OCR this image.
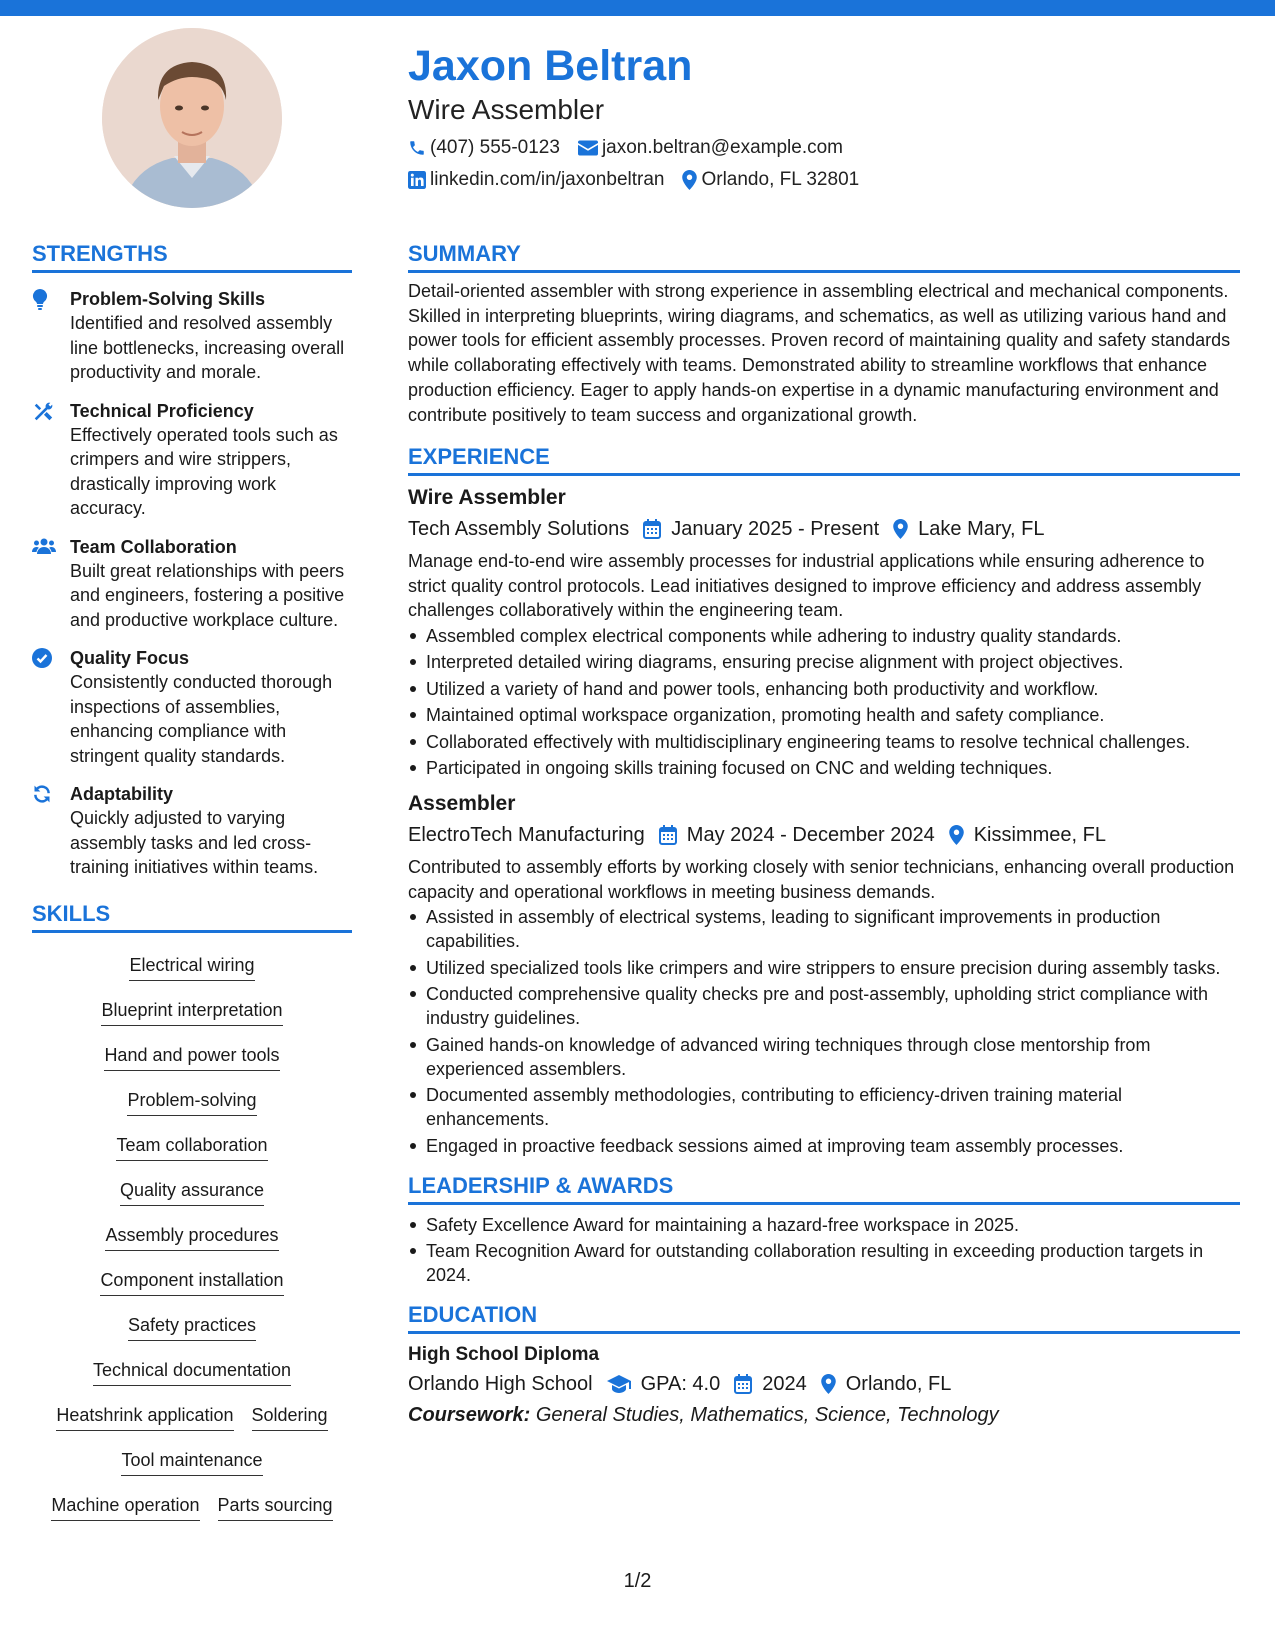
Jaxon Beltran
Wire Assembler
(407) 555-0123 jaxon.beltran@example.com
linkedin.com/in/jaxonbeltran Orlando, FL 32801
STRENGTHS
Problem-Solving Skills
Identified and resolved assembly line bottlenecks, increasing overall productivity and morale.
Technical Proficiency
Effectively operated tools such as crimpers and wire strippers, drastically improving work accuracy.
Team Collaboration
Built great relationships with peers and engineers, fostering a positive and productive workplace culture.
Quality Focus
Consistently conducted thorough inspections of assemblies, enhancing compliance with stringent quality standards.
Adaptability
Quickly adjusted to varying assembly tasks and led cross-training initiatives within teams.
SKILLS
Electrical wiring
Blueprint interpretation
Hand and power tools
Problem-solving
Team collaboration
Quality assurance
Assembly procedures
Component installation
Safety practices
Technical documentation
Heatshrink application Soldering
Tool maintenance
Machine operation Parts sourcing
SUMMARY
Detail-oriented assembler with strong experience in assembling electrical and mechanical components. Skilled in interpreting blueprints, wiring diagrams, and schematics, as well as utilizing various hand and power tools for efficient assembly processes. Proven record of maintaining quality and safety standards while collaborating effectively with teams. Demonstrated ability to streamline workflows that enhance production efficiency. Eager to apply hands-on expertise in a dynamic manufacturing environment and contribute positively to team success and organizational growth.
EXPERIENCE
Wire Assembler
Tech Assembly Solutions January 2025 - Present Lake Mary, FL
Manage end-to-end wire assembly processes for industrial applications while ensuring adherence to strict quality control protocols. Lead initiatives designed to improve efficiency and address assembly challenges collaboratively within the engineering team.
Assembled complex electrical components while adhering to industry quality standards.
Interpreted detailed wiring diagrams, ensuring precise alignment with project objectives.
Utilized a variety of hand and power tools, enhancing both productivity and workflow.
Maintained optimal workspace organization, promoting health and safety compliance.
Collaborated effectively with multidisciplinary engineering teams to resolve technical challenges.
Participated in ongoing skills training focused on CNC and welding techniques.
Assembler
ElectroTech Manufacturing May 2024 - December 2024 Kissimmee, FL
Contributed to assembly efforts by working closely with senior technicians, enhancing overall production capacity and operational workflows in meeting business demands.
Assisted in assembly of electrical systems, leading to significant improvements in production capabilities.
Utilized specialized tools like crimpers and wire strippers to ensure precision during assembly tasks.
Conducted comprehensive quality checks pre and post-assembly, upholding strict compliance with industry guidelines.
Gained hands-on knowledge of advanced wiring techniques through close mentorship from experienced assemblers.
Documented assembly methodologies, contributing to efficiency-driven training material enhancements.
Engaged in proactive feedback sessions aimed at improving team assembly processes.
LEADERSHIP & AWARDS
Safety Excellence Award for maintaining a hazard-free workspace in 2025.
Team Recognition Award for outstanding collaboration resulting in exceeding production targets in 2024.
EDUCATION
High School Diploma
Orlando High School GPA: 4.0 2024 Orlando, FL
Coursework: General Studies, Mathematics, Science, Technology
1/2
